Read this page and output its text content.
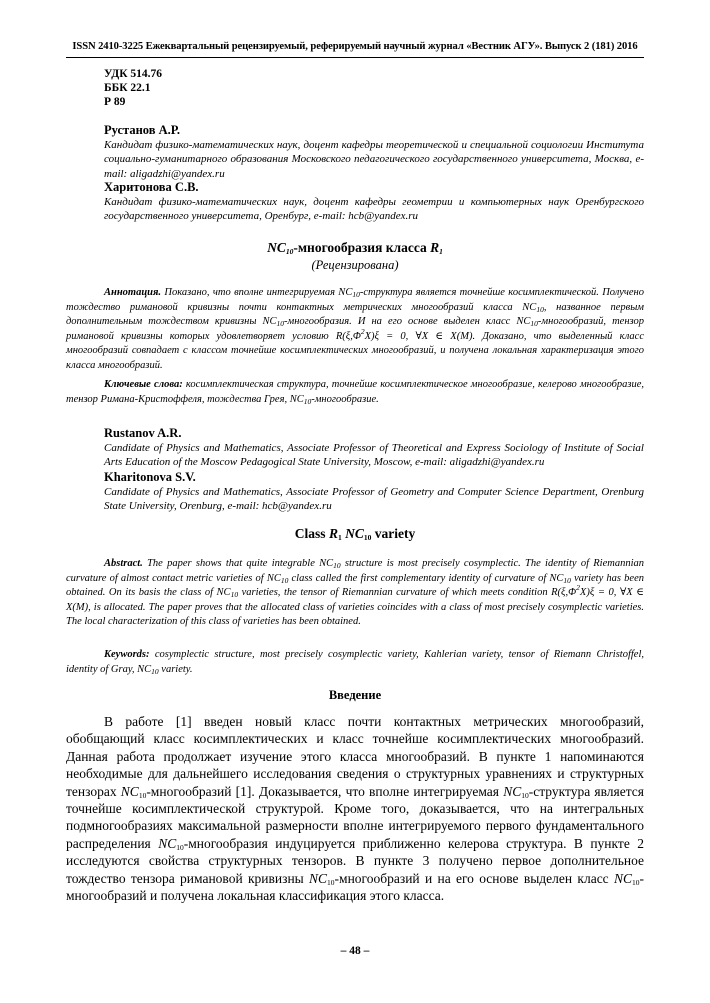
ISSN 2410-3225 Ежеквартальный рецензируемый, реферируемый научный журнал «Вестник АГУ». Выпуск 2 (181) 2016
УДК 514.76
ББК 22.1
Р 89
Рустанов А.Р.
Кандидат физико-математических наук, доцент кафедры теоретической и специальной социологии Института социально-гуманитарного образования Московского педагогического государственного университета, Москва, e-mail: aligadzhi@yandex.ru
Харитонова С.В.
Кандидат физико-математических наук, доцент кафедры геометрии и компьютерных наук Оренбургского государственного университета, Оренбург, e-mail: hcb@yandex.ru
$NC_{10}$-многообразия класса $R_1$
(Рецензирована)
Аннотация. Показано, что вполне интегрируемая $NC_{10}$-структура является точнейше косимплектической. Получено тождество римановой кривизны почти контактных метрических многообразий класса $NC_{10}$, названное первым дополнительным тождеством кривизны $NC_{10}$-многообразия. И на его основе выделен класс $NC_{10}$-многообразий, тензор римановой кривизны которых удовлетворяет условию $R(\xi,\Phi^2X)\xi = 0$, ∀X ∈ X(M). Доказано, что выделенный класс многообразий совпадает с классом точнейше косимплектических многообразий, и получена локальная характеризация этого класса многообразий.
Ключевые слова: косимплектическая структура, точнейше косимплектическое многообразие, келерово многообразие, тензор Римана-Кристоффеля, тождества Грея, $NC_{10}$-многообразие.
Rustanov A.R.
Candidate of Physics and Mathematics, Associate Professor of Theoretical and Express Sociology of Institute of Social Arts Education of the Moscow Pedagogical State University, Moscow, e-mail: aligadzhi@yandex.ru
Kharitonova S.V.
Candidate of Physics and Mathematics, Associate Professor of Geometry and Computer Science Department, Orenburg State University, Orenburg, e-mail: hcb@yandex.ru
Class $R_1$ $NC_{10}$ variety
Abstract. The paper shows that quite integrable $NC_{10}$ structure is most precisely cosymplectic. The identity of Riemannian curvature of almost contact metric varieties of $NC_{10}$ class called the first complementary identity of curvature of $NC_{10}$ variety has been obtained. On its basis the class of $NC_{10}$ varieties, the tensor of Riemannian curvature of which meets condition $R(\xi,\Phi^2X)\xi = 0$, ∀X ∈ X(M), is allocated. The paper proves that the allocated class of varieties coincides with a class of most precisely cosymplectic varieties. The local characterization of this class of varieties has been obtained.
Keywords: cosymplectic structure, most precisely cosymplectic variety, Kahlerian variety, tensor of Riemann Christoffel, identity of Gray, $NC_{10}$ variety.
Введение
В работе [1] введен новый класс почти контактных метрических многообразий, обобщающий класс косимплектических и класс точнейше косимплектических многообразий. Данная работа продолжает изучение этого класса многообразий. В пункте 1 напоминаются необходимые для дальнейшего исследования сведения о структурных уравнениях и структурных тензорах $NC_{10}$-многообразий [1]. Доказывается, что вполне интегрируемая $NC_{10}$-структура является точнейше косимплектической структурой. Кроме того, доказывается, что на интегральных подмногообразиях максимальной размерности вполне интегрируемого первого фундаментального распределения $NC_{10}$-многообразия индуцируется приближенно келерова структура. В пункте 2 исследуются свойства структурных тензоров. В пункте 3 получено первое дополнительное тождество тензора римановой кривизны $NC_{10}$-многообразий и на его основе выделен класс $NC_{10}$-многообразий и получена локальная классификация этого класса.
– 48 –
